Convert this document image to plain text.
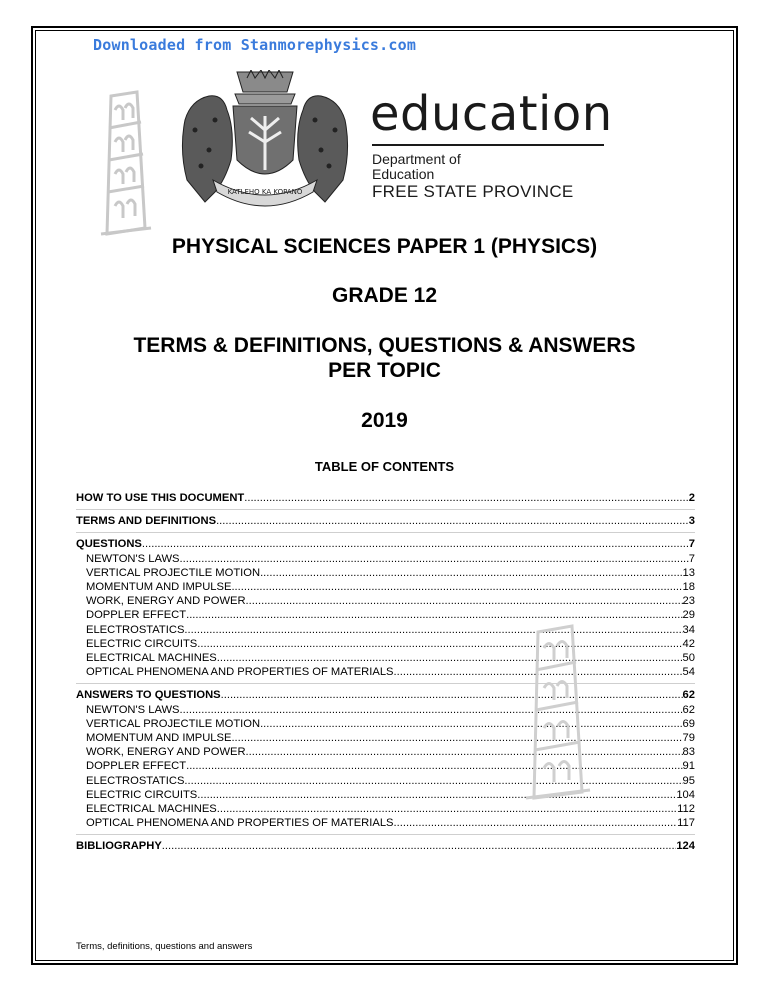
Downloaded from Stanmorephysics.com
KATLEHO KA KOPANO
education
Department of
Education
FREE STATE PROVINCE
PHYSICAL SCIENCES PAPER 1 (PHYSICS)
GRADE 12
TERMS & DEFINITIONS, QUESTIONS & ANSWERS
PER TOPIC
2019
TABLE OF CONTENTS
HOW TO USE THIS DOCUMENT .....	2
TERMS AND DEFINITIONS .....	3
QUESTIONS .....	7
NEWTON'S LAWS .....	7
VERTICAL PROJECTILE MOTION .....	13
MOMENTUM AND IMPULSE .....	18
WORK, ENERGY AND POWER .....	23
DOPPLER EFFECT .....	29
ELECTROSTATICS .....	34
ELECTRIC CIRCUITS .....	42
ELECTRICAL MACHINES .....	50
OPTICAL PHENOMENA AND PROPERTIES OF MATERIALS .....	54
ANSWERS TO QUESTIONS .....	62
NEWTON'S LAWS .....	62
VERTICAL PROJECTILE MOTION .....	69
MOMENTUM AND IMPULSE .....	79
WORK, ENERGY AND POWER .....	83
DOPPLER EFFECT .....	91
ELECTROSTATICS .....	95
ELECTRIC CIRCUITS .....	104
ELECTRICAL MACHINES .....	112
OPTICAL PHENOMENA AND PROPERTIES OF MATERIALS .....	117
BIBLIOGRAPHY .....	124
Terms, definitions, questions and answers
